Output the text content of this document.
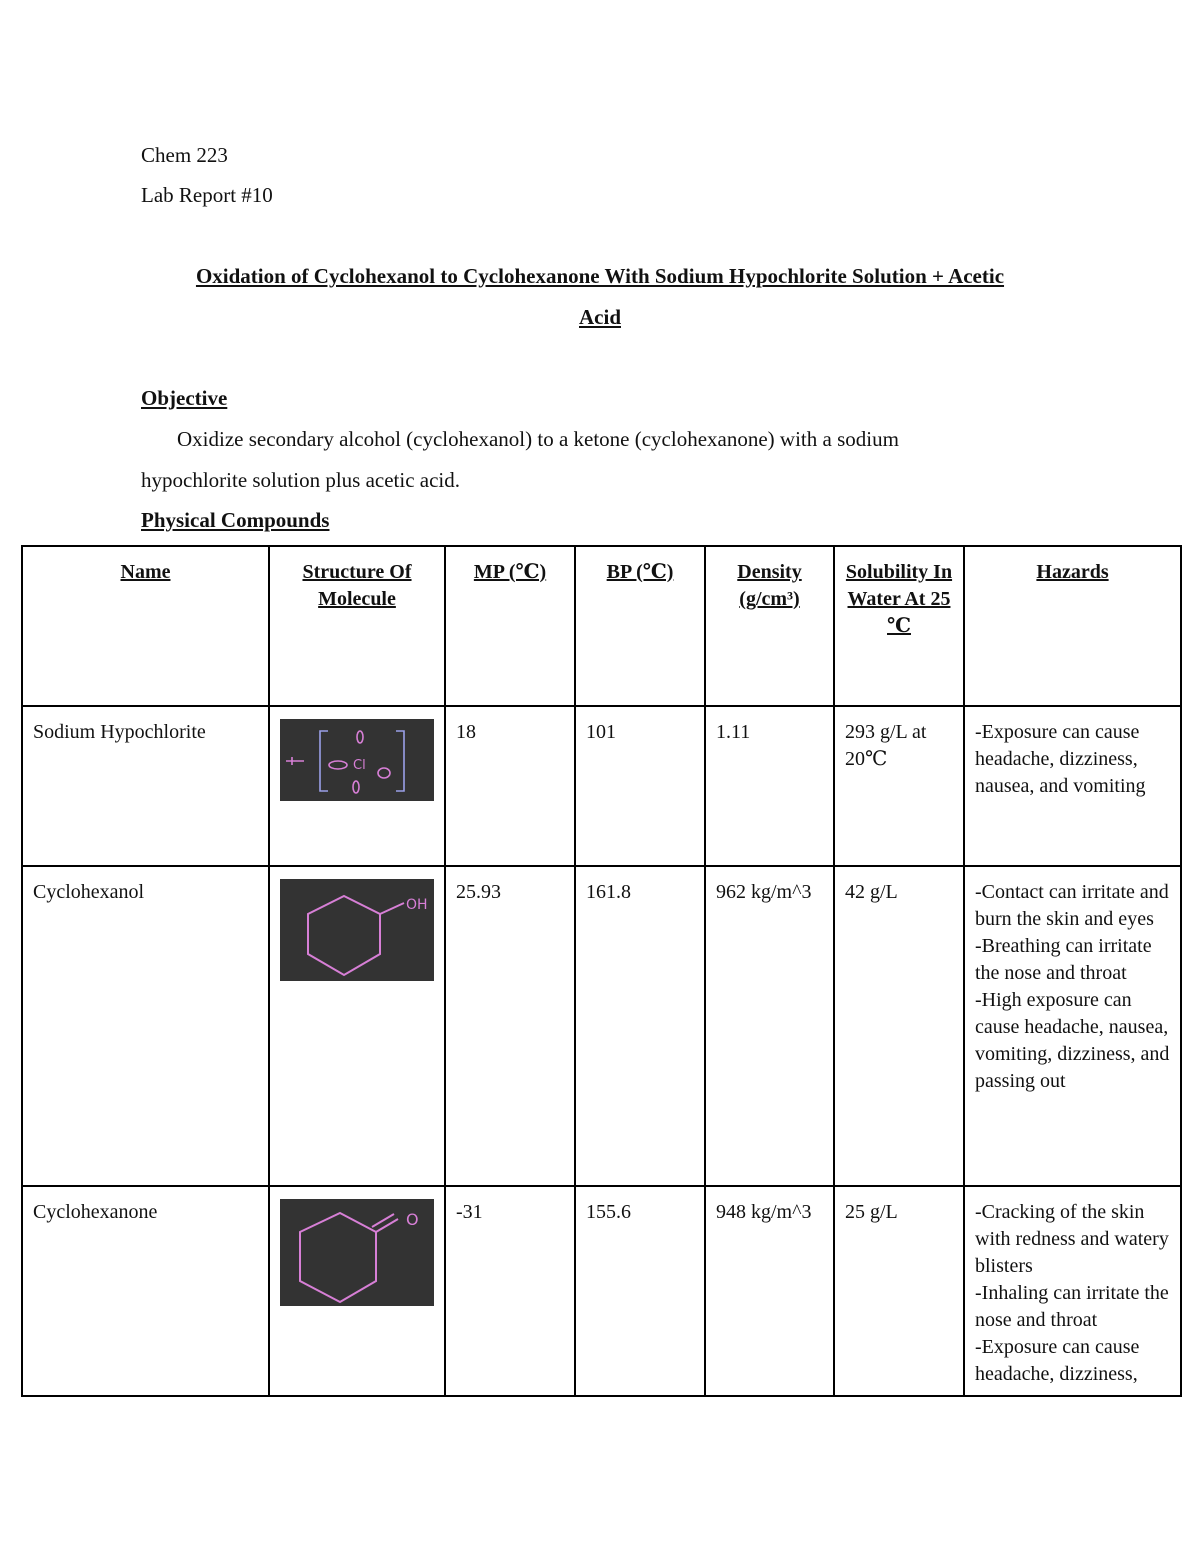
Chem 223
Lab Report #10
Oxidation of Cyclohexanol to Cyclohexanone With Sodium Hypochlorite Solution + Acetic
Acid
Objective
Oxidize secondary alcohol (cyclohexanol) to a ketone (cyclohexanone) with a sodium
hypochlorite solution plus acetic acid.
Physical Compounds
Name	Structure Of Molecule	MP (℃)	BP (℃)	Density (g/cm³)	Solubility In Water At 25 ℃	Hazards
Sodium Hypochlorite	Cl	18	101	1.11	293 g/L at 20℃	-Exposure can cause headache, dizziness, nausea, and vomiting
Cyclohexanol	OH	25.93	161.8	962 kg/m^3	42 g/L	-Contact can irritate and burn the skin and eyes
-Breathing can irritate the nose and throat
-High exposure can cause headache, nausea, vomiting, dizziness, and passing out
Cyclohexanone	O	-31	155.6	948 kg/m^3	25 g/L	-Cracking of the skin with redness and watery blisters
-Inhaling can irritate the nose and throat
-Exposure can cause headache, dizziness,
